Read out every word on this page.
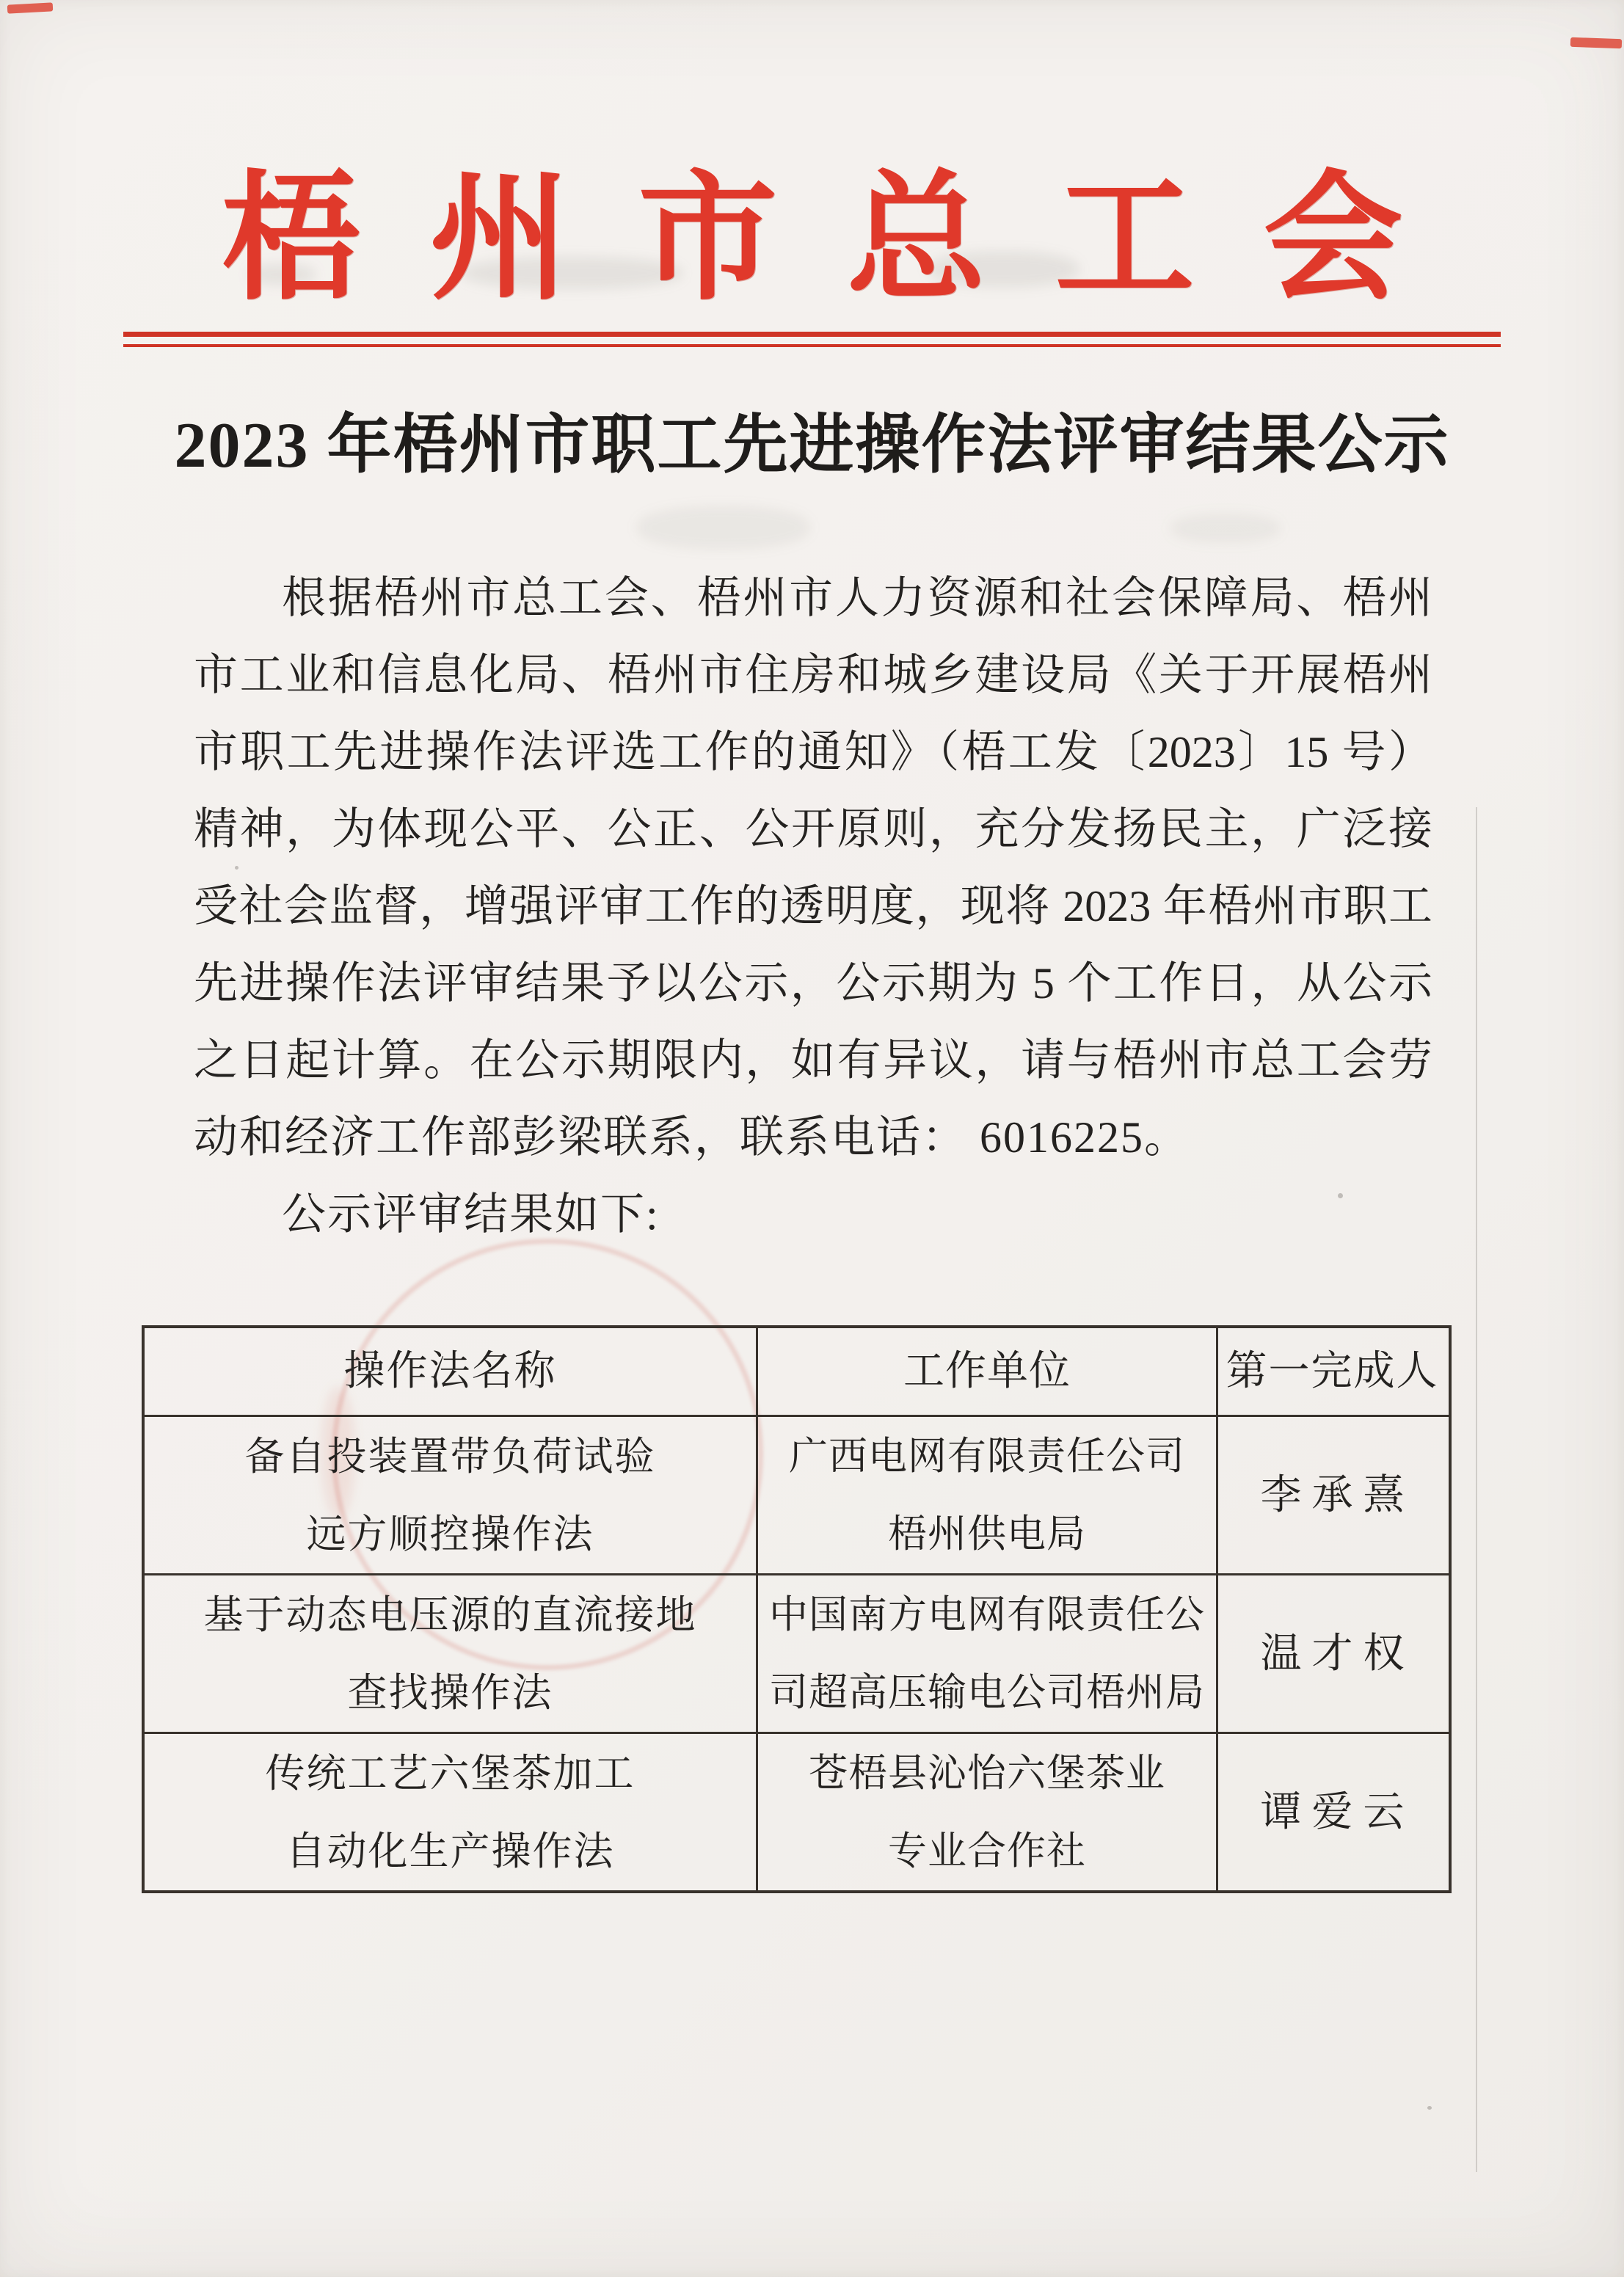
梧州市总工会
2023 年梧州市职工先进操作法评审结果公示
根据梧州市总工会、梧州市人力资源和社会保障局、梧州
市工业和信息化局、梧州市住房和城乡建设局《关于开展梧州
市职工先进操作法评选工作的通知》（梧工发〔2023〕15 号）
精神，为体现公平、公正、公开原则，充分发扬民主，广泛接
受社会监督，增强评审工作的透明度，现将 2023 年梧州市职工
先进操作法评审结果予以公示，公示期为 5 个工作日，从公示
之日起计算。在公示期限内，如有异议，请与梧州市总工会劳
动和经济工作部彭梁联系，联系电话： 6016225。
公示评审结果如下:
操作法名称	工作单位	第一完成人
备自投装置带负荷试验
远方顺控操作法
广西电网有限责任公司
梧州供电局
李承熹
基于动态电压源的直流接地
查找操作法
中国南方电网有限责任公
司超高压输电公司梧州局
温才权
传统工艺六堡茶加工
自动化生产操作法
苍梧县沁怡六堡茶业
专业合作社
谭爱云
